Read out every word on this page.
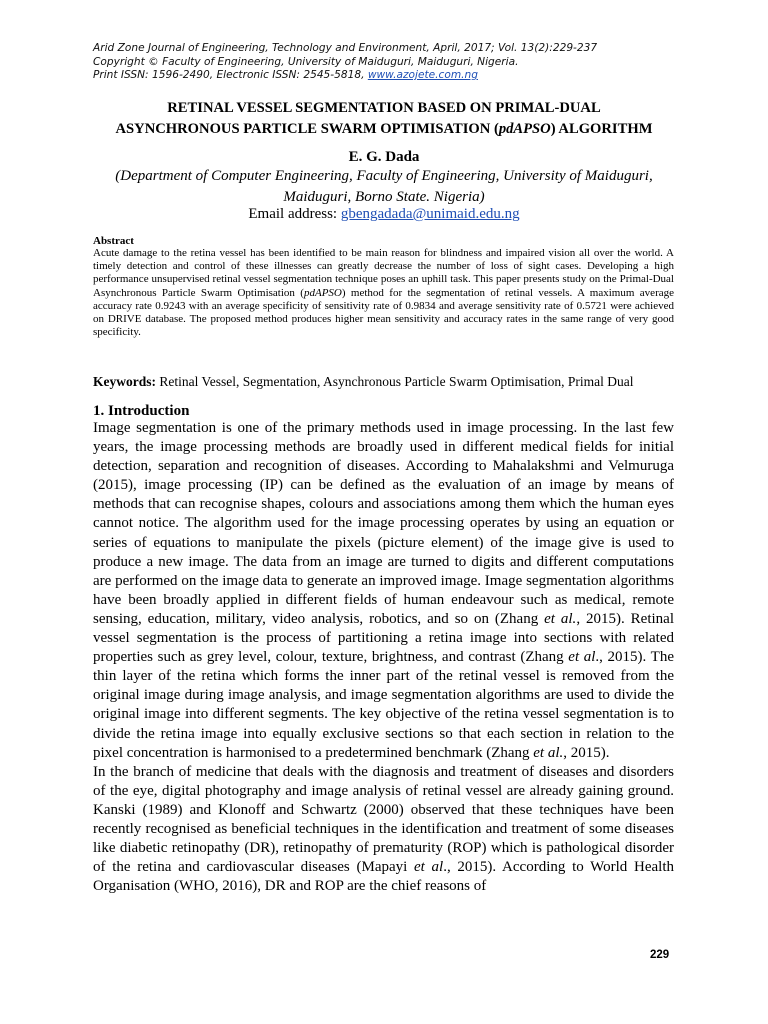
Arid Zone Journal of Engineering, Technology and Environment, April, 2017; Vol. 13(2):229-237
Copyright © Faculty of Engineering, University of Maiduguri, Maiduguri, Nigeria.
Print ISSN: 1596-2490, Electronic ISSN: 2545-5818, www.azojete.com.ng
RETINAL VESSEL SEGMENTATION BASED ON PRIMAL-DUAL
ASYNCHRONOUS PARTICLE SWARM OPTIMISATION (pdAPSO) ALGORITHM
E. G. Dada
(Department of Computer Engineering, Faculty of Engineering, University of Maiduguri, Maiduguri, Borno State. Nigeria)
Email address: gbengadada@unimaid.edu.ng
Abstract
Acute damage to the retina vessel has been identified to be main reason for blindness and impaired vision all over the world. A timely detection and control of these illnesses can greatly decrease the number of loss of sight cases. Developing a high performance unsupervised retinal vessel segmentation technique poses an uphill task. This paper presents study on the Primal-Dual Asynchronous Particle Swarm Optimisation (pdAPSO) method for the segmentation of retinal vessels. A maximum average accuracy rate 0.9243 with an average specificity of sensitivity rate of 0.9834 and average sensitivity rate of 0.5721 were achieved on DRIVE database. The proposed method produces higher mean sensitivity and accuracy rates in the same range of very good specificity.
Keywords: Retinal Vessel, Segmentation, Asynchronous Particle Swarm Optimisation, Primal Dual
1. Introduction

Image segmentation is one of the primary methods used in image processing. In the last few years, the image processing methods are broadly used in different medical fields for initial detection, separation and recognition of diseases. According to Mahalakshmi and Velmuruga (2015), image processing (IP) can be defined as the evaluation of an image by means of methods that can recognise shapes, colours and associations among them which the human eyes cannot notice. The algorithm used for the image processing operates by using an equation or series of equations to manipulate the pixels (picture element) of the image give is used to produce a new image. The data from an image are turned to digits and different computations are performed on the image data to generate an improved image. Image segmentation algorithms have been broadly applied in different fields of human endeavour such as medical, remote sensing, education, military, video analysis, robotics, and so on (Zhang et al., 2015). Retinal vessel segmentation is the process of partitioning a retina image into sections with related properties such as grey level, colour, texture, brightness, and contrast (Zhang et al., 2015). The thin layer of the retina which forms the inner part of the retinal vessel is removed from the original image during image analysis, and image segmentation algorithms are used to divide the original image into different segments. The key objective of the retina vessel segmentation is to divide the retina image into equally exclusive sections so that each section in relation to the pixel concentration is harmonised to a predetermined benchmark (Zhang et al., 2015).

In the branch of medicine that deals with the diagnosis and treatment of diseases and disorders of the eye, digital photography and image analysis of retinal vessel are already gaining ground. Kanski (1989) and Klonoff and Schwartz (2000) observed that these techniques have been recently recognised as beneficial techniques in the identification and treatment of some diseases like diabetic retinopathy (DR), retinopathy of prematurity (ROP) which is pathological disorder of the retina and cardiovascular diseases (Mapayi et al., 2015). According to World Health Organisation (WHO, 2016), DR and ROP are the chief reasons of

229
